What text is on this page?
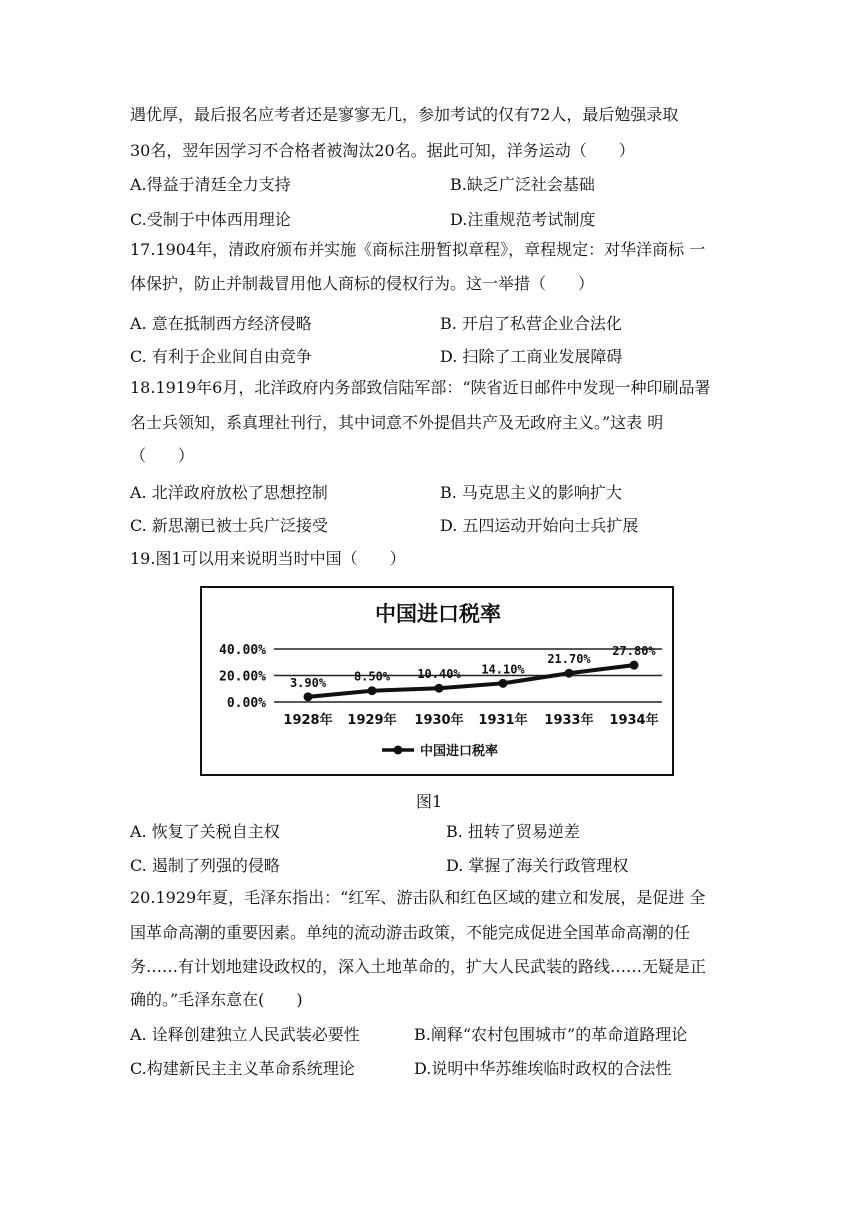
遇优厚，最后报名应考者还是寥寥无几，参加考试的仅有72人，最后勉强录取
30名，翌年因学习不合格者被淘汰20名。据此可知，洋务运动（　　）
A.得益于清廷全力支持	B.缺乏广泛社会基础
C.受制于中体西用理论	D.注重规范考试制度
17.1904年，清政府颁布并实施《商标注册暂拟章程》，章程规定：对华洋商标 一
体保护，防止并制裁冒用他人商标的侵权行为。这一举措（　　）
A. 意在抵制西方经济侵略	B. 开启了私营企业合法化
C. 有利于企业间自由竞争	D. 扫除了工商业发展障碍
18.1919年6月，北洋政府内务部致信陆军部：“陕省近日邮件中发现一种印刷品署
名士兵领知，系真理社刊行，其中词意不外提倡共产及无政府主义。”这表 明
（　　）
A. 北洋政府放松了思想控制	B. 马克思主义的影响扩大
C. 新思潮已被士兵广泛接受	D. 五四运动开始向士兵扩展
19.图1可以用来说明当时中国（　　）
中国进口税率
0.00%
20.00%
40.00%
3.90% 8.50% 10.40% 14.10%
21.70%
27.80%
1928年 1929年 1930年 1931年 1933年 1934年
中国进口税率
图1
A. 恢复了关税自主权	B. 扭转了贸易逆差
C. 遏制了列强的侵略	D. 掌握了海关行政管理权
20.1929年夏，毛泽东指出：“红军、游击队和红色区域的建立和发展，是促进 全
国革命高潮的重要因素。单纯的流动游击政策，不能完成促进全国革命高潮的任
务……有计划地建设政权的，深入土地革命的，扩大人民武装的路线……无疑是正
确的。”毛泽东意在(　　)
A. 诠释创建独立人民武装必要性	B.阐释“农村包围城市”的革命道路理论
C.构建新民主主义革命系统理论	D.说明中华苏维埃临时政权的合法性
